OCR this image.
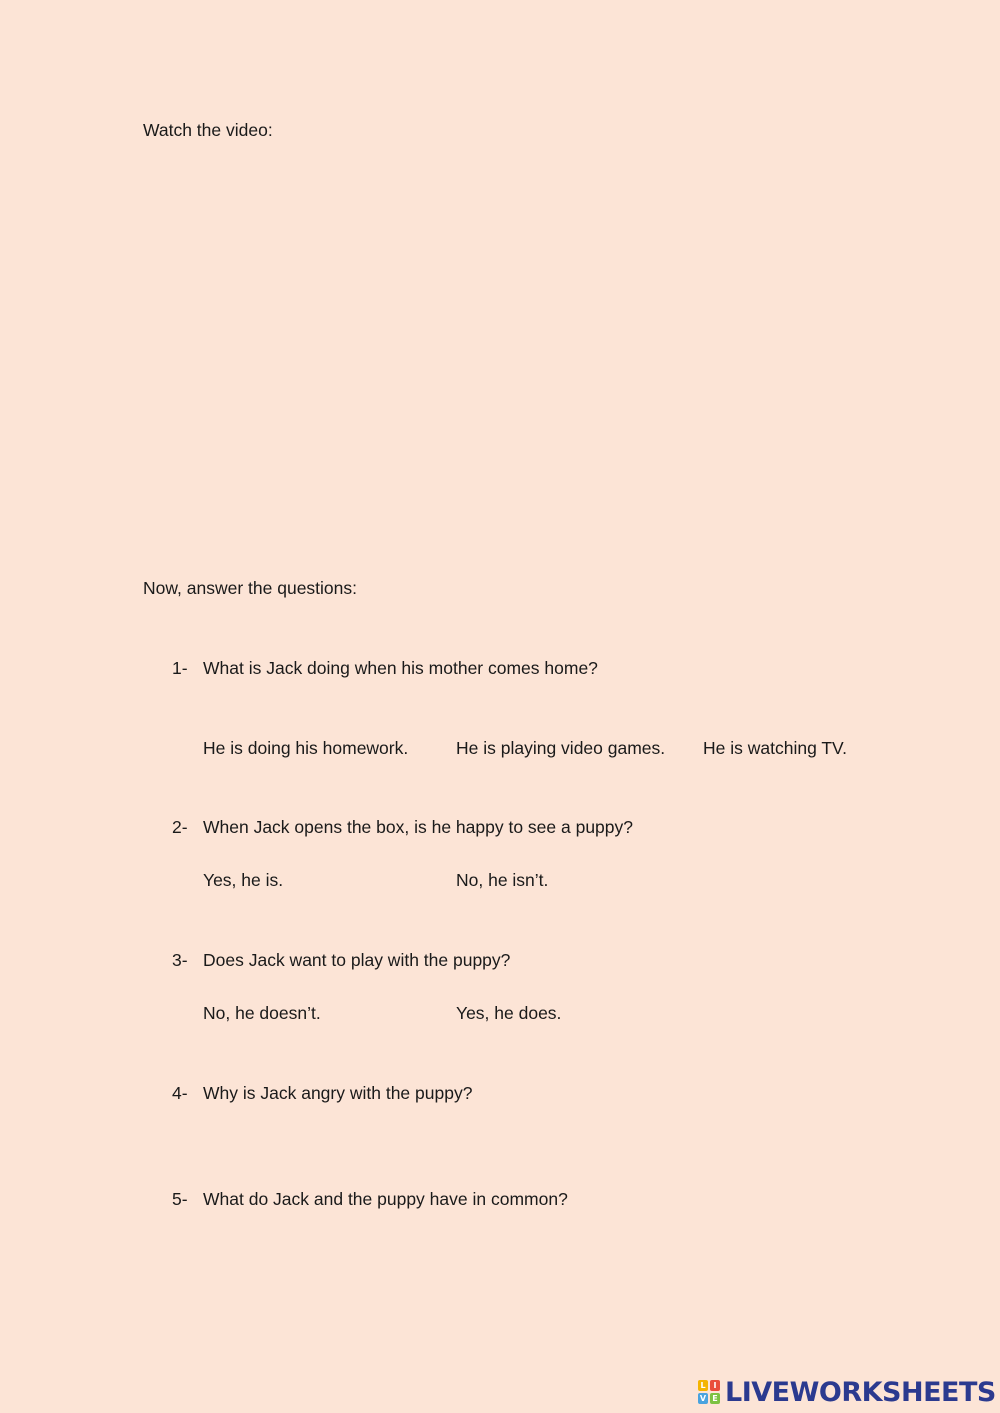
Watch the video:
Now, answer the questions:
1- What is Jack doing when his mother comes home?
He is doing his homework.	He is playing video games. He is watching TV.
2- When Jack opens the box, is he happy to see a puppy?
Yes, he is.	No, he isn’t.
3- Does Jack want to play with the puppy?
No, he doesn’t.	Yes, he does.
4- Why is Jack angry with the puppy?
5- What do Jack and the puppy have in common?
L I
V E LIVEWORKSHEETS
